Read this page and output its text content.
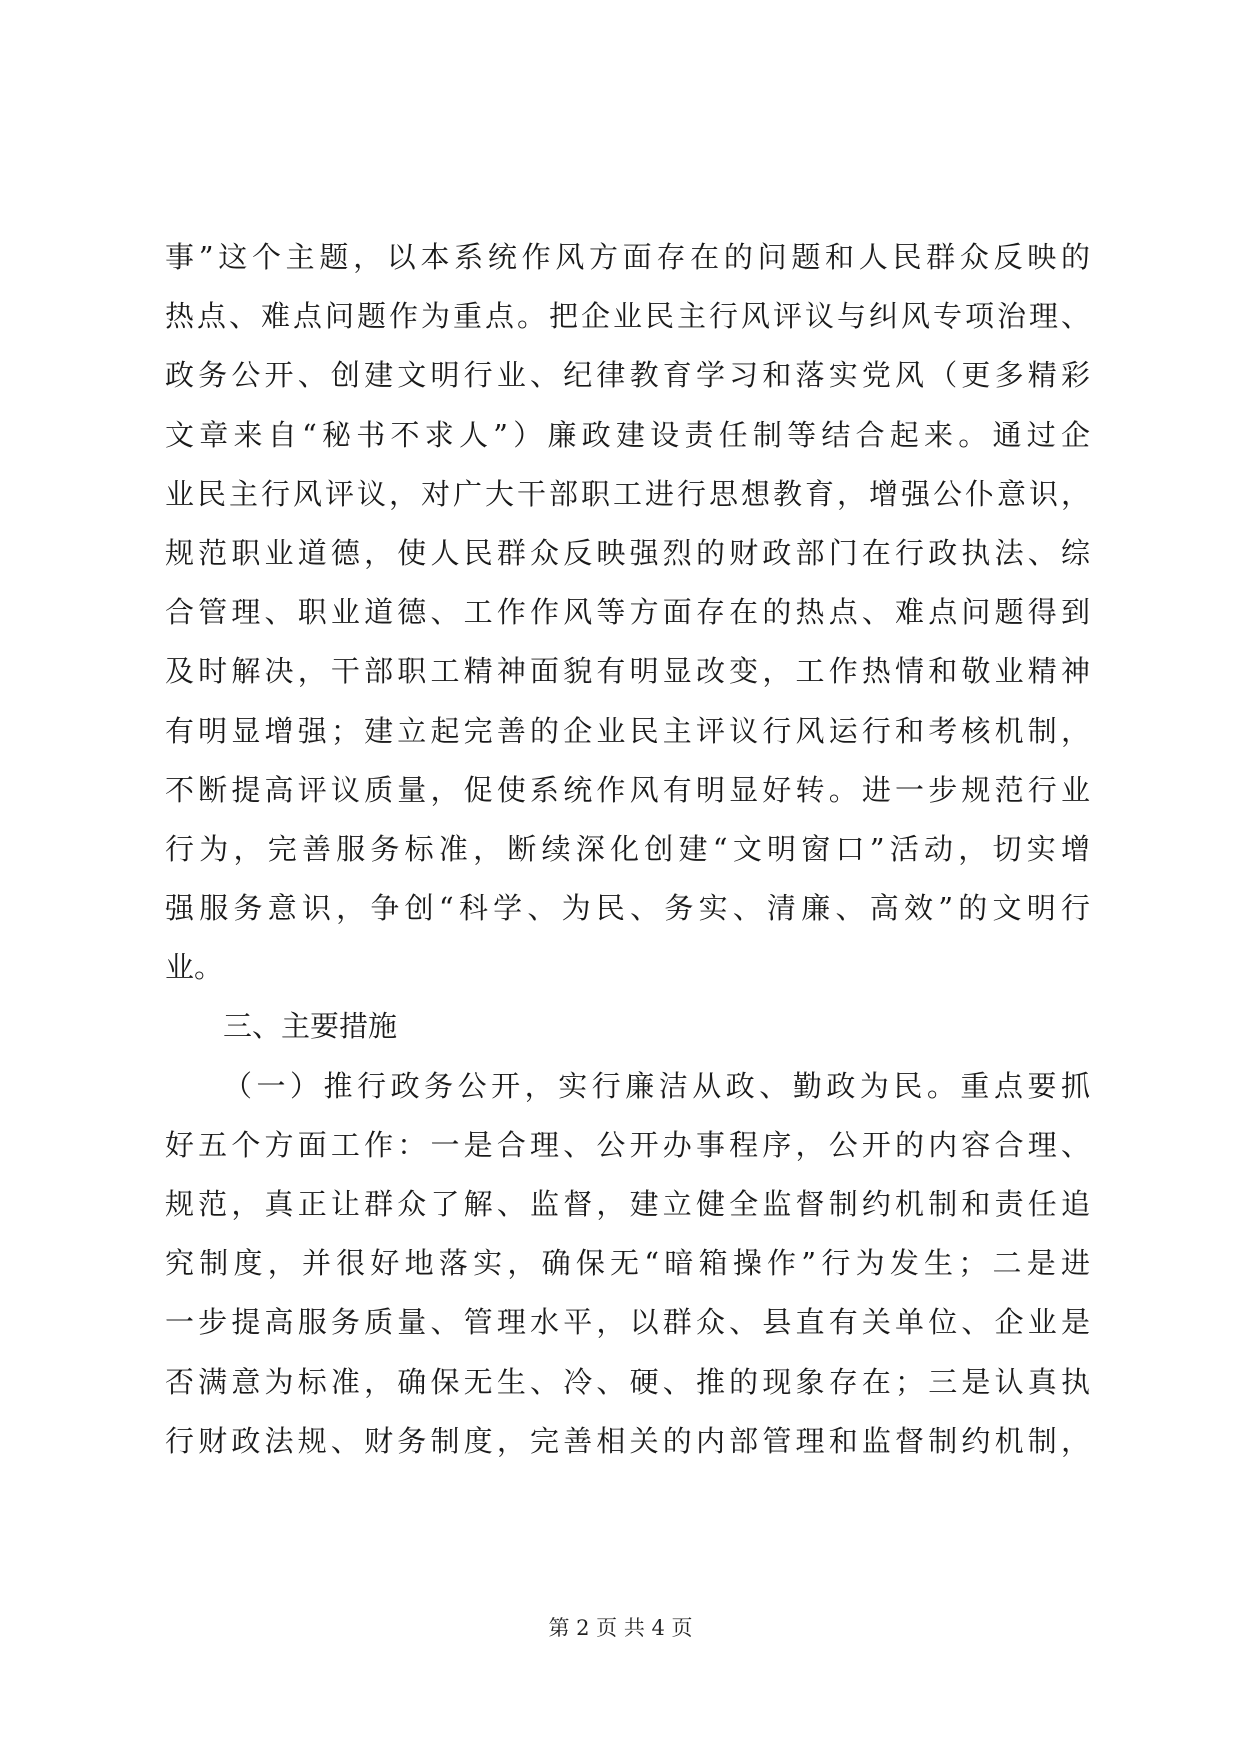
事”这个主题，以本系统作风方面存在的问题和人民群众反映的
热点、难点问题作为重点。把企业民主行风评议与纠风专项治理、
政务公开、创建文明行业、纪律教育学习和落实党风（更多精彩
文章来自“秘书不求人”）廉政建设责任制等结合起来。通过企
业民主行风评议，对广大干部职工进行思想教育，增强公仆意识，
规范职业道德，使人民群众反映强烈的财政部门在行政执法、综
合管理、职业道德、工作作风等方面存在的热点、难点问题得到
及时解决，干部职工精神面貌有明显改变，工作热情和敬业精神
有明显增强；建立起完善的企业民主评议行风运行和考核机制，
不断提高评议质量，促使系统作风有明显好转。进一步规范行业
行为，完善服务标准，断续深化创建“文明窗口”活动，切实增
强服务意识，争创“科学、为民、务实、清廉、高效”的文明行
业。
三、主要措施
（一）推行政务公开，实行廉洁从政、勤政为民。重点要抓
好五个方面工作：一是合理、公开办事程序，公开的内容合理、
规范，真正让群众了解、监督，建立健全监督制约机制和责任追
究制度，并很好地落实，确保无“暗箱操作”行为发生；二是进
一步提高服务质量、管理水平，以群众、县直有关单位、企业是
否满意为标准，确保无生、冷、硬、推的现象存在；三是认真执
行财政法规、财务制度，完善相关的内部管理和监督制约机制，
第 2 页 共 4 页
